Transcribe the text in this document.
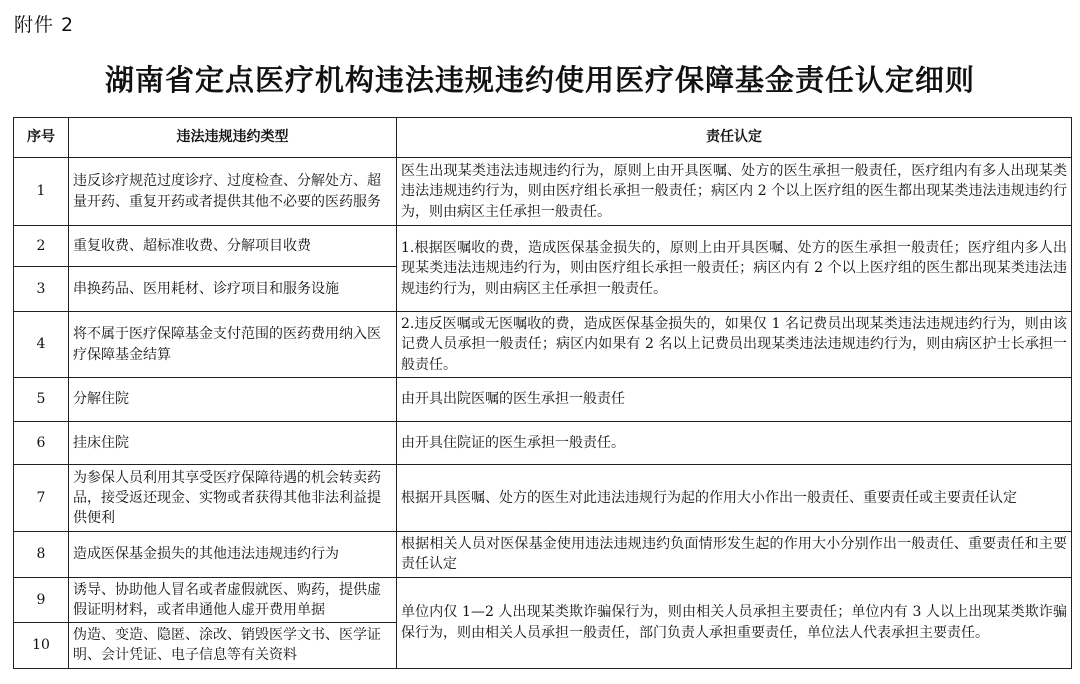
附件 2
湖南省定点医疗机构违法违规违约使用医疗保障基金责任认定细则
序号	违法违规违约类型	责任认定
1	违反诊疗规范过度诊疗、过度检查、分解处方、超量开药、重复开药或者提供其他不必要的医药服务	医生出现某类违法违规违约行为，原则上由开具医嘱、处方的医生承担一般责任，医疗组内有多人出现某类违法违规违约行为，则由医疗组长承担一般责任；病区内 2 个以上医疗组的医生都出现某类违法违规违约行为，则由病区主任承担一般责任。
2	重复收费、超标准收费、分解项目收费	1.根据医嘱收的费，造成医保基金损失的，原则上由开具医嘱、处方的医生承担一般责任；医疗组内多人出现某类违法违规违约行为，则由医疗组长承担一般责任；病区内有 2 个以上医疗组的医生都出现某类违法违规违约行为，则由病区主任承担一般责任。
3	串换药品、医用耗材、诊疗项目和服务设施	
4	将不属于医疗保障基金支付范围的医药费用纳入医疗保障基金结算	2.违反医嘱或无医嘱收的费，造成医保基金损失的，如果仅 1 名记费员出现某类违法违规违约行为，则由该记费人员承担一般责任；病区内如果有 2 名以上记费员出现某类违法违规违约行为，则由病区护士长承担一般责任。
5	分解住院	由开具出院医嘱的医生承担一般责任
6	挂床住院	由开具住院证的医生承担一般责任。
7	为参保人员利用其享受医疗保障待遇的机会转卖药品，接受返还现金、实物或者获得其他非法利益提供便利	根据开具医嘱、处方的医生对此违法违规行为起的作用大小作出一般责任、重要责任或主要责任认定
8	造成医保基金损失的其他违法违规违约行为	根据相关人员对医保基金使用违法违规违约负面情形发生起的作用大小分别作出一般责任、重要责任和主要责任认定
9	诱导、协助他人冒名或者虚假就医、购药，提供虚假证明材料，或者串通他人虚开费用单据	单位内仅 1—2 人出现某类欺诈骗保行为，则由相关人员承担主要责任；单位内有 3 人以上出现某类欺诈骗保行为，则由相关人员承担一般责任，部门负责人承担重要责任，单位法人代表承担主要责任。
10	伪造、变造、隐匿、涂改、销毁医学文书、医学证明、会计凭证、电子信息等有关资料	
